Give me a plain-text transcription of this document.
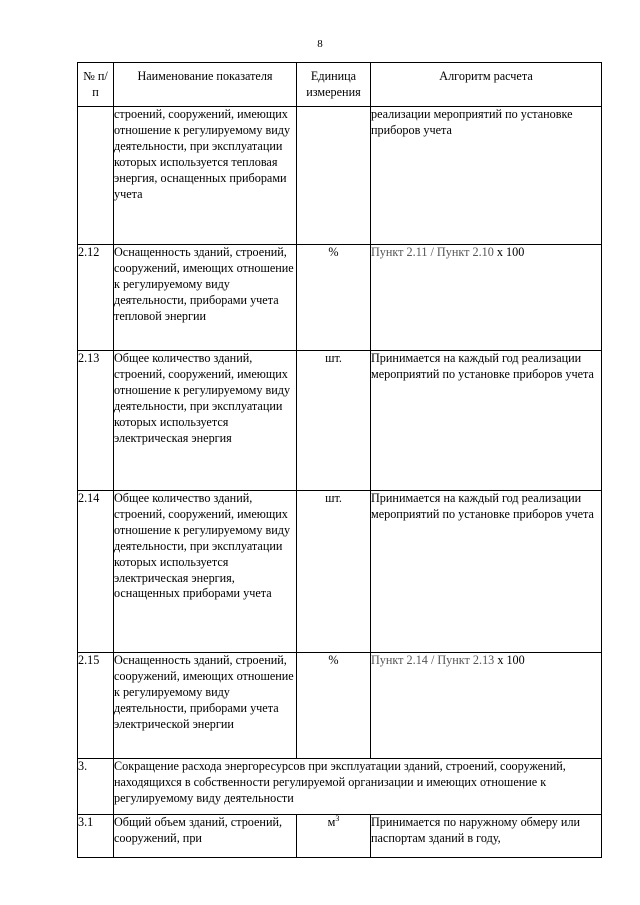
8
№ п/п	Наименование показателя	Единица измерения	Алгоритм расчета
	строений, сооружений, имеющих отношение к регулируемому виду деятельности, при эксплуатации которых используется тепловая энергия, оснащенных приборами учета		реализации мероприятий по установке приборов учета
2.12	Оснащенность зданий, строений, сооружений, имеющих отношение к регулируемому виду деятельности, приборами учета тепловой энергии	%	Пункт 2.11 / Пункт 2.10 x 100
2.13	Общее количество зданий, строений, сооружений, имеющих отношение к регулируемому виду деятельности, при эксплуатации которых используется электрическая энергия	шт.	Принимается на каждый год реализации мероприятий по установке приборов учета
2.14	Общее количество зданий, строений, сооружений, имеющих отношение к регулируемому виду деятельности, при эксплуатации которых используется электрическая энергия, оснащенных приборами учета	шт.	Принимается на каждый год реализации мероприятий по установке приборов учета
2.15	Оснащенность зданий, строений, сооружений, имеющих отношение к регулируемому виду деятельности, приборами учета электрической энергии	%	Пункт 2.14 / Пункт 2.13 x 100
3.	Сокращение расхода энергоресурсов при эксплуатации зданий, строений, сооружений, находящихся в собственности регулируемой организации и имеющих отношение к регулируемому виду деятельности		
3.1	Общий объем зданий, строений, сооружений, при	$м^3$	Принимается по наружному обмеру или паспортам зданий в году,
